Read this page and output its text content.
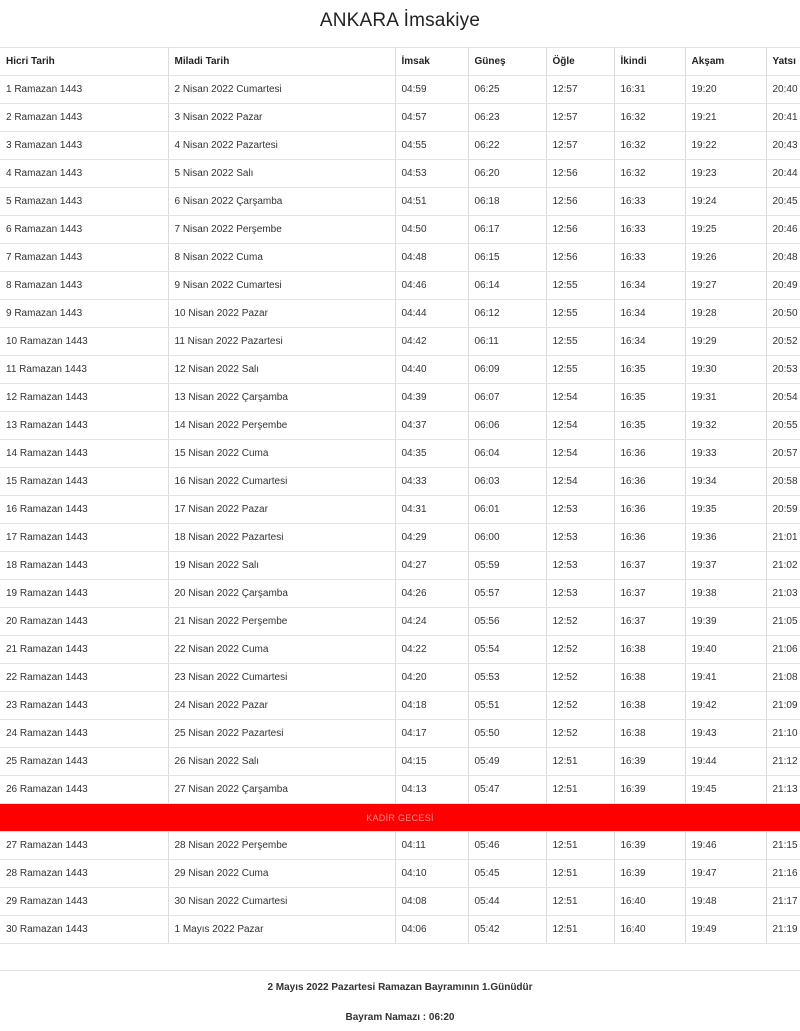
ANKARA İmsakiye
Hicri Tarih	Miladi Tarih	İmsak	Güneş	Öğle	İkindi	Akşam	Yatsı
1 Ramazan 1443	2 Nisan 2022 Cumartesi	04:59	06:25	12:57	16:31	19:20	20:40
2 Ramazan 1443	3 Nisan 2022 Pazar	04:57	06:23	12:57	16:32	19:21	20:41
3 Ramazan 1443	4 Nisan 2022 Pazartesi	04:55	06:22	12:57	16:32	19:22	20:43
4 Ramazan 1443	5 Nisan 2022 Salı	04:53	06:20	12:56	16:32	19:23	20:44
5 Ramazan 1443	6 Nisan 2022 Çarşamba	04:51	06:18	12:56	16:33	19:24	20:45
6 Ramazan 1443	7 Nisan 2022 Perşembe	04:50	06:17	12:56	16:33	19:25	20:46
7 Ramazan 1443	8 Nisan 2022 Cuma	04:48	06:15	12:56	16:33	19:26	20:48
8 Ramazan 1443	9 Nisan 2022 Cumartesi	04:46	06:14	12:55	16:34	19:27	20:49
9 Ramazan 1443	10 Nisan 2022 Pazar	04:44	06:12	12:55	16:34	19:28	20:50
10 Ramazan 1443	11 Nisan 2022 Pazartesi	04:42	06:11	12:55	16:34	19:29	20:52
11 Ramazan 1443	12 Nisan 2022 Salı	04:40	06:09	12:55	16:35	19:30	20:53
12 Ramazan 1443	13 Nisan 2022 Çarşamba	04:39	06:07	12:54	16:35	19:31	20:54
13 Ramazan 1443	14 Nisan 2022 Perşembe	04:37	06:06	12:54	16:35	19:32	20:55
14 Ramazan 1443	15 Nisan 2022 Cuma	04:35	06:04	12:54	16:36	19:33	20:57
15 Ramazan 1443	16 Nisan 2022 Cumartesi	04:33	06:03	12:54	16:36	19:34	20:58
16 Ramazan 1443	17 Nisan 2022 Pazar	04:31	06:01	12:53	16:36	19:35	20:59
17 Ramazan 1443	18 Nisan 2022 Pazartesi	04:29	06:00	12:53	16:36	19:36	21:01
18 Ramazan 1443	19 Nisan 2022 Salı	04:27	05:59	12:53	16:37	19:37	21:02
19 Ramazan 1443	20 Nisan 2022 Çarşamba	04:26	05:57	12:53	16:37	19:38	21:03
20 Ramazan 1443	21 Nisan 2022 Perşembe	04:24	05:56	12:52	16:37	19:39	21:05
21 Ramazan 1443	22 Nisan 2022 Cuma	04:22	05:54	12:52	16:38	19:40	21:06
22 Ramazan 1443	23 Nisan 2022 Cumartesi	04:20	05:53	12:52	16:38	19:41	21:08
23 Ramazan 1443	24 Nisan 2022 Pazar	04:18	05:51	12:52	16:38	19:42	21:09
24 Ramazan 1443	25 Nisan 2022 Pazartesi	04:17	05:50	12:52	16:38	19:43	21:10
25 Ramazan 1443	26 Nisan 2022 Salı	04:15	05:49	12:51	16:39	19:44	21:12
26 Ramazan 1443	27 Nisan 2022 Çarşamba	04:13	05:47	12:51	16:39	19:45	21:13
KADİR GECESİ							
27 Ramazan 1443	28 Nisan 2022 Perşembe	04:11	05:46	12:51	16:39	19:46	21:15
28 Ramazan 1443	29 Nisan 2022 Cuma	04:10	05:45	12:51	16:39	19:47	21:16
29 Ramazan 1443	30 Nisan 2022 Cumartesi	04:08	05:44	12:51	16:40	19:48	21:17
30 Ramazan 1443	1 Mayıs 2022 Pazar	04:06	05:42	12:51	16:40	19:49	21:19
2 Mayıs 2022 Pazartesi Ramazan Bayramının 1.Günüdür
Bayram Namazı : 06:20
